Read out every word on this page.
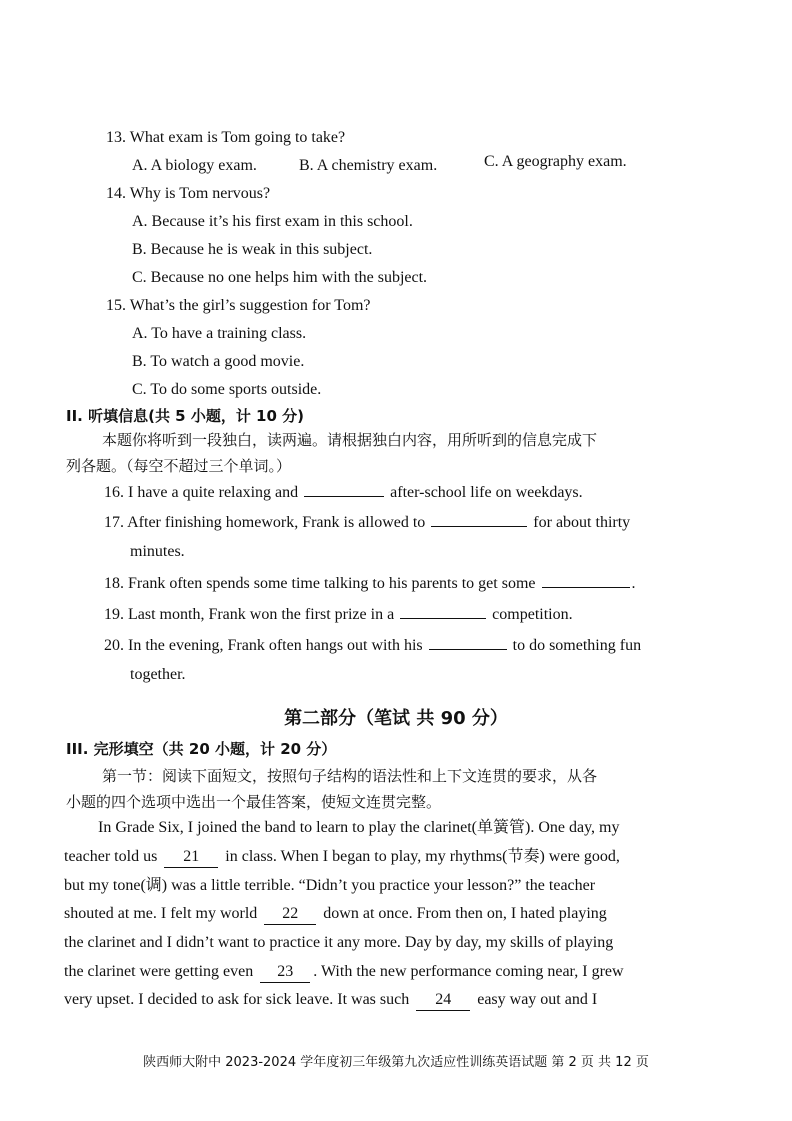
13. What exam is Tom going to take?
A. A biology exam.	B. A chemistry exam.	C. A geography exam.
14. Why is Tom nervous?
A. Because it’s his first exam in this school.
B. Because he is weak in this subject.
C. Because no one helps him with the subject.
15. What’s the girl’s suggestion for Tom?
A. To have a training class.
B. To watch a good movie.
C. To do some sports outside.
II. 听填信息(共 5 小题，计 10 分)
本题你将听到一段独白，读两遍。请根据独白内容，用所听到的信息完成下
列各题。（每空不超过三个单词。）
16. I have a quite relaxing and	after-school life on weekdays.
17. After finishing homework, Frank is allowed to	for about thirty
minutes.
18. Frank often spends some time talking to his parents to get some	.
19. Last month, Frank won the first prize in a	competition.
20. In the evening, Frank often hangs out with his	to do something fun
together.
第二部分（笔试 共 90 分）
III. 完形填空（共 20 小题，计 20 分）
第一节：阅读下面短文，按照句子结构的语法性和上下文连贯的要求，从各
小题的四个选项中选出一个最佳答案，使短文连贯完整。
In Grade Six, I joined the band to learn to play the clarinet(单簧管). One day, my
teacher told us 21 in class. When I began to play, my rhythms(节奏) were good,
but my tone(调) was a little terrible. “Didn’t you practice your lesson?” the teacher
shouted at me. I felt my world 22 down at once. From then on, I hated playing
the clarinet and I didn’t want to practice it any more. Day by day, my skills of playing
the clarinet were getting even 23 . With the new performance coming near, I grew
very upset. I decided to ask for sick leave. It was such 24 easy way out and I
陕西师大附中 2023-2024 学年度初三年级第九次适应性训练英语试题 第 2 页 共 12 页
